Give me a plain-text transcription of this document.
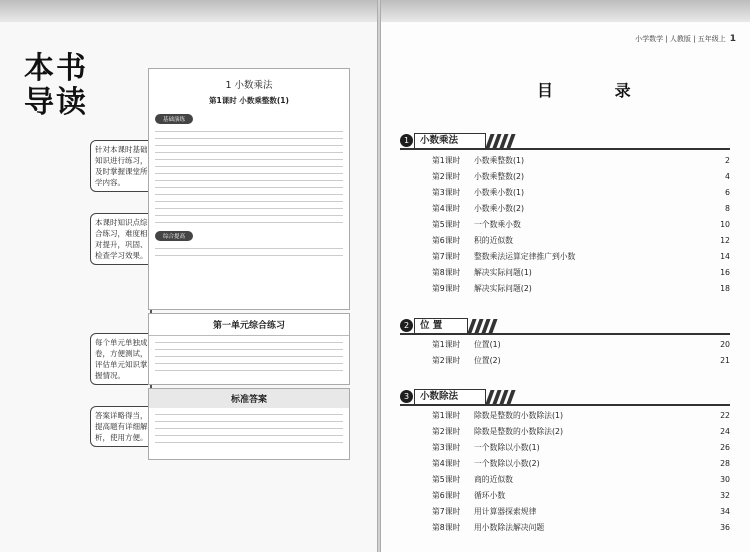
本书
导读
针对本课时基础知识进行练习，及时掌握课堂所学内容。
本课时知识点综合练习，难度相对提升，巩固、检查学习效果。
每个单元单独成卷，方便测试，评估单元知识掌握情况。
答案详略得当，提高题有详细解析，使用方便。
1 小数乘法
第1课时 小数乘整数(1)
基础演练
综合提高
第一单元综合练习
标准答案
小学数学 | 人教版 | 五年级上 1
目 录
1	小数乘法
第1课时 小数乘整数(1)	2
第2课时 小数乘整数(2)	4
第3课时 小数乘小数(1)	6
第4课时 小数乘小数(2)	8
第5课时 一个数乘小数	10
第6课时 积的近似数	12
第7课时 整数乘法运算定律推广到小数	14
第8课时 解决实际问题(1)	16
第9课时 解决实际问题(2)	18
2	位 置
第1课时 位置(1)	20
第2课时 位置(2)	21
3	小数除法
第1课时 除数是整数的小数除法(1)	22
第2课时 除数是整数的小数除法(2)	24
第3课时 一个数除以小数(1)	26
第4课时 一个数除以小数(2)	28
第5课时 商的近似数	30
第6课时 循环小数	32
第7课时 用计算器探索规律	34
第8课时 用小数除法解决问题	36
